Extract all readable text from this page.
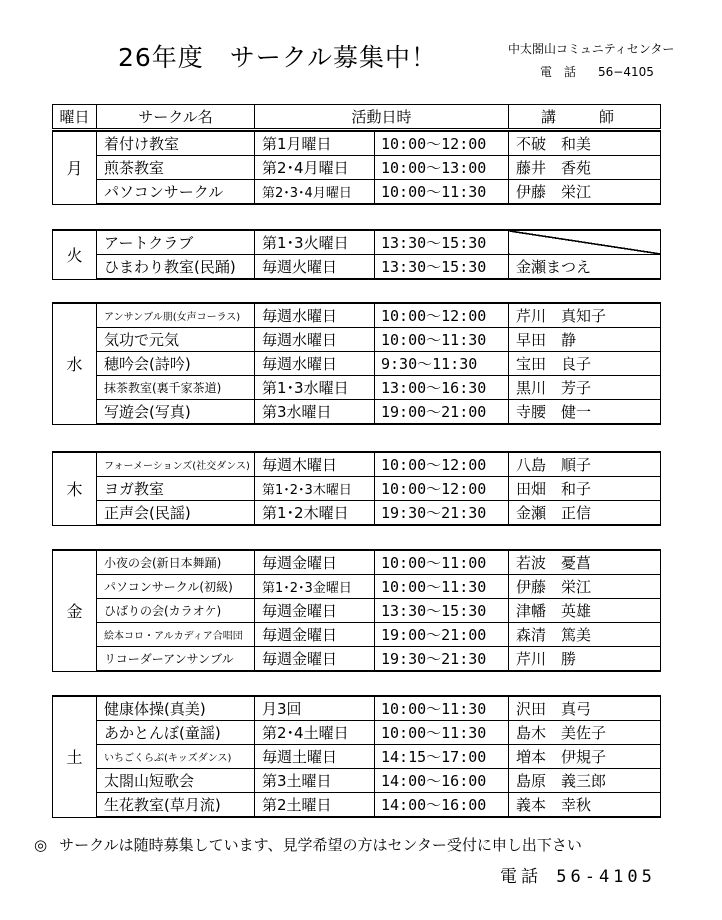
26年度　サークル募集中！	中太閤山コミュニティセンター
電　話 56−4105
曜日	サークル名	活動日時	講　師
月	着付け教室	第1月曜日	10:00～12:00	不破　和美
	煎茶教室	第2･4月曜日	10:00～13:00	藤井　香苑
	パソコンサークル	第2･3･4月曜日	10:00～11:30	伊藤　栄江
火	アートクラブ	第1･3火曜日	13:30～15:30	
	ひまわり教室(民踊)	毎週火曜日	13:30～15:30	金瀬まつえ
水	アンサンブル朋(女声コーラス)	毎週水曜日	10:00～12:00	芹川　真知子
	気功で元気	毎週水曜日	10:00～11:30	早田　静
	穂吟会(詩吟)	毎週水曜日	9:30～11:30	宝田　良子
	抹茶教室(裏千家茶道)	第1･3水曜日	13:00～16:30	黒川　芳子
	写遊会(写真)	第3水曜日	19:00～21:00	寺腰　健一
木	フォーメーションズ(社交ダンス)	毎週木曜日	10:00～12:00	八島　順子
	ヨガ教室	第1･2･3木曜日	10:00～12:00	田畑　和子
	正声会(民謡)	第1･2木曜日	19:30～21:30	金瀬　正信
金	小夜の会(新日本舞踊)	毎週金曜日	10:00～11:00	若波　憂菖
	パソコンサークル(初級)	第1･2･3金曜日	10:00～11:30	伊藤　栄江
	ひばりの会(カラオケ)	毎週金曜日	13:30～15:30	津幡　英雄
	絵本コロ・アルカディア合唱団	毎週金曜日	19:00～21:00	森清　篤美
	リコーダーアンサンブル	毎週金曜日	19:30～21:30	芹川　勝
土	健康体操(真美)	月3回	10:00～11:30	沢田　真弓
	あかとんぼ(童謡)	第2･4土曜日	10:00～11:30	島木　美佐子
	いちごくらぶ(キッズダンス)	毎週土曜日	14:15～17:00	増本　伊規子
	太閤山短歌会	第3土曜日	14:00～16:00	島原　義三郎
	生花教室(草月流)	第2土曜日	14:00～16:00	義本　幸秋
◎ サークルは随時募集しています、見学希望の方はセンター受付に申し出下さい
電話 56-4105
